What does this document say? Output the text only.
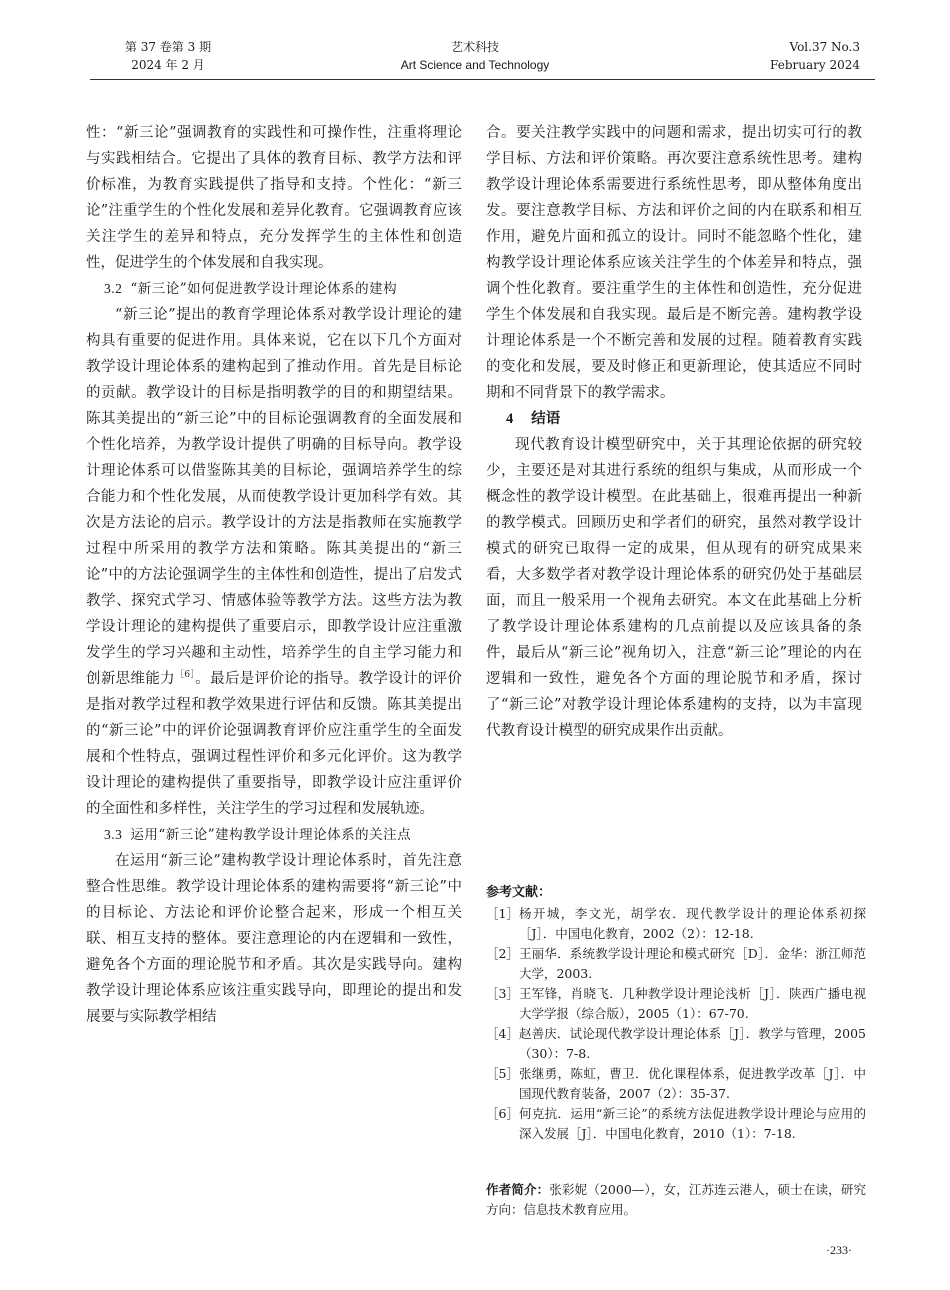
第 37 卷第 3 期
2024 年 2 月
艺术科技
Art Science and Technology
Vol.37 No.3
February 2024

性：“新三论”强调教育的实践性和可操作性，注重将理论与实践相结合。它提出了具体的教育目标、教学方法和评价标准，为教育实践提供了指导和支持。个性化：“新三论”注重学生的个性化发展和差异化教育。它强调教育应该关注学生的差异和特点，充分发挥学生的主体性和创造性，促进学生的个体发展和自我实现。

3.2 “新三论”如何促进教学设计理论体系的建构

“新三论”提出的教育学理论体系对教学设计理论的建构具有重要的促进作用。具体来说，它在以下几个方面对教学设计理论体系的建构起到了推动作用。首先是目标论的贡献。教学设计的目标是指明教学的目的和期望结果。陈其美提出的“新三论”中的目标论强调教育的全面发展和个性化培养，为教学设计提供了明确的目标导向。教学设计理论体系可以借鉴陈其美的目标论，强调培养学生的综合能力和个性化发展，从而使教学设计更加科学有效。其次是方法论的启示。教学设计的方法是指教师在实施教学过程中所采用的教学方法和策略。陈其美提出的“新三论”中的方法论强调学生的主体性和创造性，提出了启发式教学、探究式学习、情感体验等教学方法。这些方法为教学设计理论的建构提供了重要启示，即教学设计应注重激发学生的学习兴趣和主动性，培养学生的自主学习能力和创新思维能力$^{[6]}$。最后是评价论的指导。教学设计的评价是指对教学过程和教学效果进行评估和反馈。陈其美提出的“新三论”中的评价论强调教育评价应注重学生的全面发展和个性特点，强调过程性评价和多元化评价。这为教学设计理论的建构提供了重要指导，即教学设计应注重评价的全面性和多样性，关注学生的学习过程和发展轨迹。

3.3 运用“新三论”建构教学设计理论体系的关注点

在运用“新三论”建构教学设计理论体系时，首先注意整合性思维。教学设计理论体系的建构需要将“新三论”中的目标论、方法论和评价论整合起来，形成一个相互关联、相互支持的整体。要注意理论的内在逻辑和一致性，避免各个方面的理论脱节和矛盾。其次是实践导向。建构教学设计理论体系应该注重实践导向，即理论的提出和发展要与实际教学相结

合。要关注教学实践中的问题和需求，提出切实可行的教学目标、方法和评价策略。再次要注意系统性思考。建构教学设计理论体系需要进行系统性思考，即从整体角度出发。要注意教学目标、方法和评价之间的内在联系和相互作用，避免片面和孤立的设计。同时不能忽略个性化，建构教学设计理论体系应该关注学生的个体差异和特点，强调个性化教育。要注重学生的主体性和创造性，充分促进学生个体发展和自我实现。最后是不断完善。建构教学设计理论体系是一个不断完善和发展的过程。随着教育实践的变化和发展，要及时修正和更新理论，使其适应不同时期和不同背景下的教学需求。

4 结语

现代教育设计模型研究中，关于其理论依据的研究较少，主要还是对其进行系统的组织与集成，从而形成一个概念性的教学设计模型。在此基础上，很难再提出一种新的教学模式。回顾历史和学者们的研究，虽然对教学设计模式的研究已取得一定的成果，但从现有的研究成果来看，大多数学者对教学设计理论体系的研究仍处于基础层面，而且一般采用一个视角去研究。本文在此基础上分析了教学设计理论体系建构的几点前提以及应该具备的条件，最后从“新三论”视角切入，注意“新三论”理论的内在逻辑和一致性，避免各个方面的理论脱节和矛盾，探讨了“新三论”对教学设计理论体系建构的支持，以为丰富现代教育设计模型的研究成果作出贡献。

参考文献：
［1］ 杨开城，李文光，胡学农．现代教学设计的理论体系初探［J］．中国电化教育，2002（2）：12-18.
［2］ 王丽华．系统教学设计理论和模式研究［D］．金华：浙江师范大学，2003.
［3］ 王军锋，肖晓飞．几种教学设计理论浅析［J］．陕西广播电视大学学报（综合版），2005（1）：67-70.
［4］ 赵善庆．试论现代教学设计理论体系［J］．教学与管理，2005（30）：7-8.
［5］ 张继勇，陈虹，曹卫．优化课程体系，促进教学改革［J］．中国现代教育装备，2007（2）：35-37.
［6］ 何克抗．运用“新三论”的系统方法促进教学设计理论与应用的深入发展［J］．中国电化教育，2010（1）：7-18.
作者简介：张彩妮（2000—），女，江苏连云港人，硕士在读，研究方向：信息技术教育应用。
·233·
